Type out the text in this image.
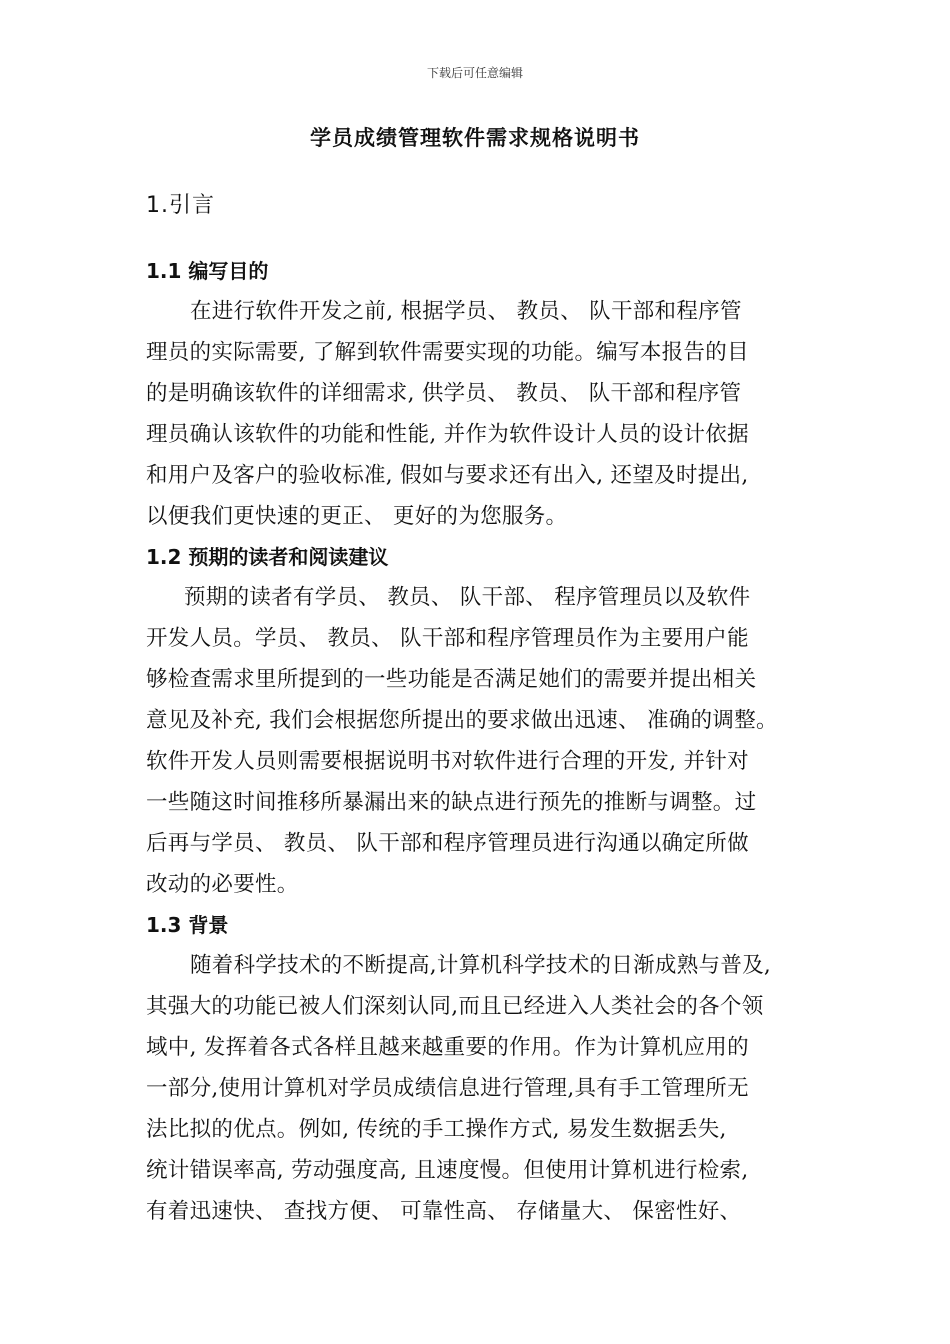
下载后可任意编辑
学员成绩管理软件需求规格说明书
1.引言
1.1 编写目的
在进行软件开发之前, 根据学员、 教员、 队干部和程序管
理员的实际需要, 了解到软件需要实现的功能。编写本报告的目
的是明确该软件的详细需求, 供学员、 教员、 队干部和程序管
理员确认该软件的功能和性能, 并作为软件设计人员的设计依据
和用户及客户的验收标准, 假如与要求还有出入, 还望及时提出,
以便我们更快速的更正、 更好的为您服务。
1.2 预期的读者和阅读建议
预期的读者有学员、 教员、 队干部、 程序管理员以及软件
开发人员。学员、 教员、 队干部和程序管理员作为主要用户能
够检查需求里所提到的一些功能是否满足她们的需要并提出相关
意见及补充, 我们会根据您所提出的要求做出迅速、 准确的调整。
软件开发人员则需要根据说明书对软件进行合理的开发, 并针对
一些随这时间推移所暴漏出来的缺点进行预先的推断与调整。过
后再与学员、 教员、 队干部和程序管理员进行沟通以确定所做
改动的必要性。
1.3 背景
随着科学技术的不断提高,计算机科学技术的日渐成熟与普及,
其强大的功能已被人们深刻认同,而且已经进入人类社会的各个领
域中, 发挥着各式各样且越来越重要的作用。作为计算机应用的
一部分,使用计算机对学员成绩信息进行管理,具有手工管理所无
法比拟的优点。例如, 传统的手工操作方式, 易发生数据丢失,
统计错误率高, 劳动强度高, 且速度慢。但使用计算机进行检索,
有着迅速快、 查找方便、 可靠性高、 存储量大、 保密性好、
